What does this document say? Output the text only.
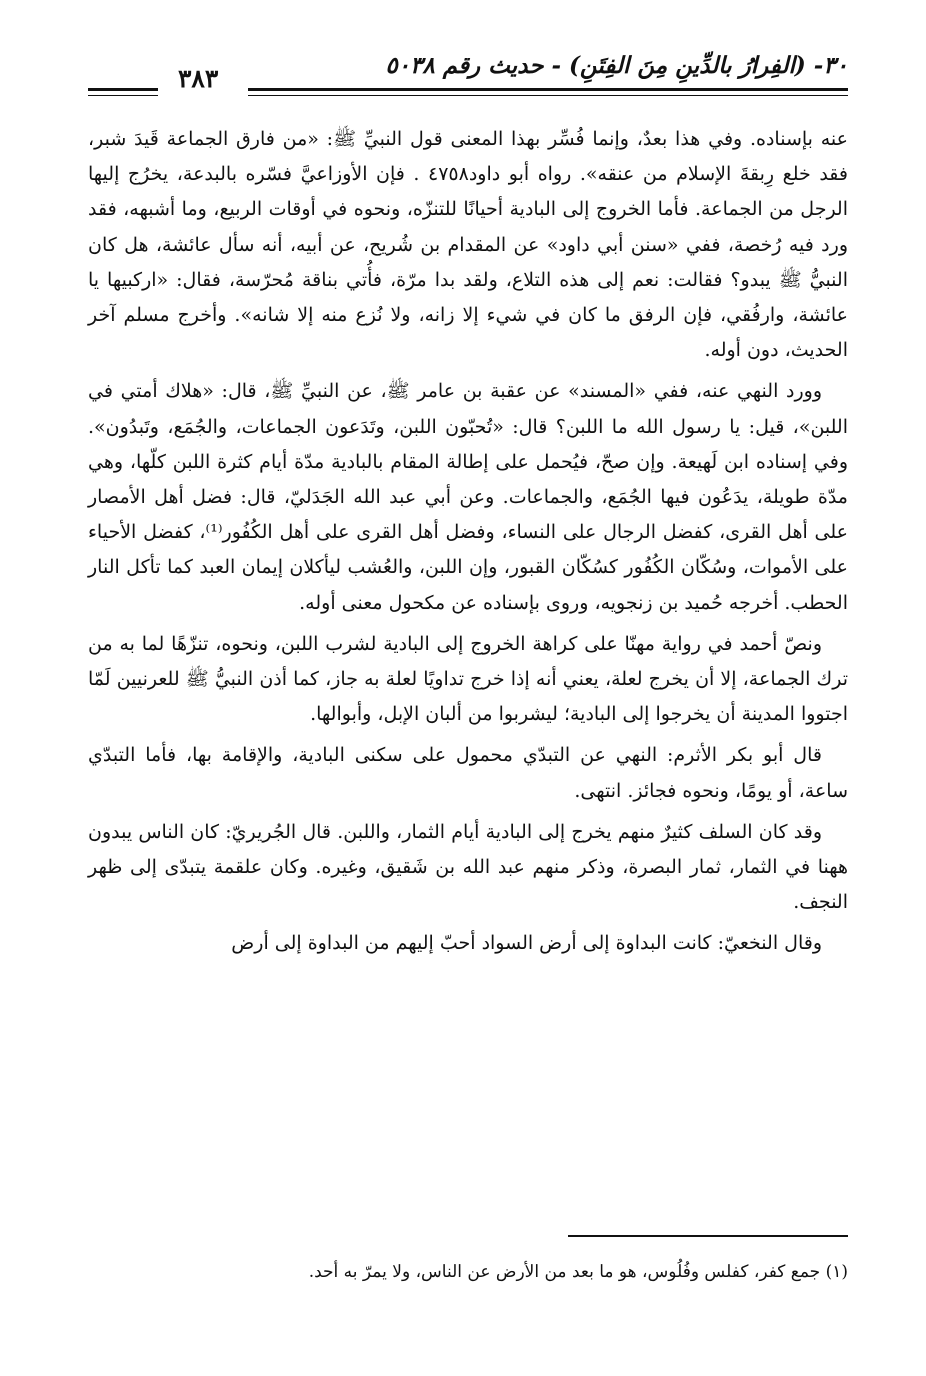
٣٠- (الفِرارُ بالدِّينِ مِنَ الفِتَنِ) - حديث رقم ٥٠٣٨
٣٨٣

عنه بإسناده. وفي هذا بعدٌ، وإنما فُسِّر بهذا المعنى قول النبيِّ ﷺ: «من فارق الجماعة قَيدَ شبر، فقد خلع رِبقةَ الإسلام من عنقه». رواه أبو داود٤٧٥٨ . فإن الأوزاعيَّ فسّره بالبدعة، يخرُج إليها الرجل من الجماعة. فأما الخروج إلى البادية أحيانًا للتنزّه، ونحوه في أوقات الربيع، وما أشبهه، فقد ورد فيه رُخصة، ففي «سنن أبي داود» عن المقدام بن شُريح، عن أبيه، أنه سأل عائشة، هل كان النبيُّ ﷺ يبدو؟ فقالت: نعم إلى هذه التلاع، ولقد بدا مرّة، فأُتي بناقة مُحرّسة، فقال: «اركبيها يا عائشة، وارفُقي، فإن الرفق ما كان في شيء إلا زانه، ولا نُزع منه إلا شانه». وأخرج مسلم آخر الحديث، دون أوله.

وورد النهي عنه، ففي «المسند» عن عقبة بن عامر ﷺ، عن النبيِّ ﷺ، قال: «هلاك أمتي في اللبن»، قيل: يا رسول الله ما اللبن؟ قال: «تُحبّون اللبن، وتَدَعون الجماعات، والجُمَع، وتَبدُون». وفي إسناده ابن لَهيعة. وإن صحّ، فيُحمل على إطالة المقام بالبادية مدّة أيام كثرة اللبن كلّها، وهي مدّة طويلة، يدَعُون فيها الجُمَع، والجماعات. وعن أبي عبد الله الجَدَليّ، قال: فضل أهل الأمصار على أهل القرى، كفضل الرجال على النساء، وفضل أهل القرى على أهل الكُفُور⁽¹⁾، كفضل الأحياء على الأموات، وسُكّان الكُفُور كسُكّان القبور، وإن اللبن، والعُشب ليأكلان إيمان العبد كما تأكل النار الحطب. أخرجه حُميد بن زنجويه، وروى بإسناده عن مكحول معنى أوله.

ونصّ أحمد في رواية مهنّا على كراهة الخروج إلى البادية لشرب اللبن، ونحوه، تنزّهًا لما به من ترك الجماعة، إلا أن يخرج لعلة، يعني أنه إذا خرج تداويًا لعلة به جاز، كما أذن النبيُّ ﷺ للعرنيين لَمّا اجتووا المدينة أن يخرجوا إلى البادية؛ ليشربوا من ألبان الإبل، وأبوالها.

قال أبو بكر الأثرم: النهي عن التبدّي محمول على سكنى البادية، والإقامة بها، فأما التبدّي ساعة، أو يومًا، ونحوه فجائز. انتهى.

وقد كان السلف كثيرٌ منهم يخرج إلى البادية أيام الثمار، واللبن. قال الجُريريّ: كان الناس يبدون ههنا في الثمار، ثمار البصرة، وذكر منهم عبد الله بن شَقيق، وغيره. وكان علقمة يتبدّى إلى ظهر النجف.

وقال النخعيّ: كانت البداوة إلى أرض السواد أحبّ إليهم من البداوة إلى أرض

(١) جمع كفر، كفلس وفُلُوس، هو ما بعد من الأرض عن الناس، ولا يمرّ به أحد.
